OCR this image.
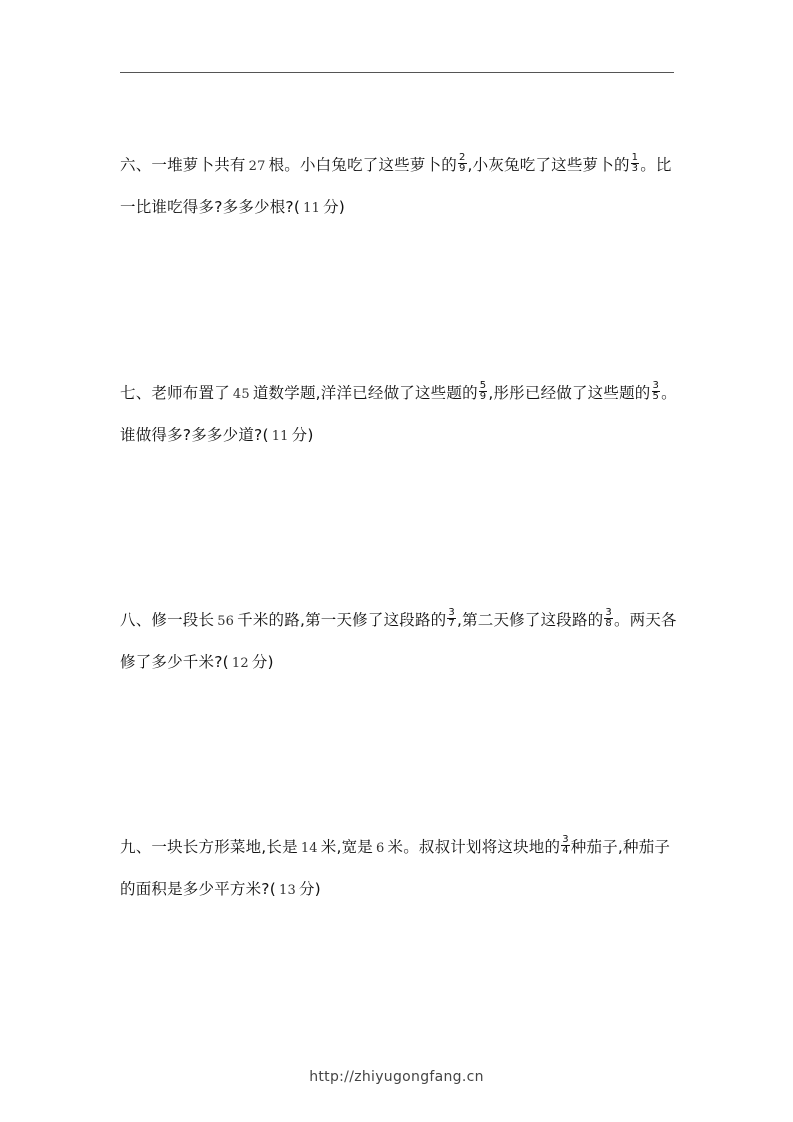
六、一堆萝卜共有 27 根。小白兔吃了这些萝卜的 $\frac{2}{9}$ ,小灰兔吃了这些萝卜的 $\frac{1}{3}$ 。比
一比谁吃得多?多多少根?( 11 分)
七、老师布置了 45 道数学题,洋洋已经做了这些题的 $\frac{5}{9}$ ,彤彤已经做了这些题的 $\frac{3}{5}$ 。
谁做得多?多多少道?( 11 分)
八、修一段长 56 千米的路,第一天修了这段路的 $\frac{3}{7}$ ,第二天修了这段路的 $\frac{3}{8}$ 。两天各
修了多少千米?( 12 分)
九、一块长方形菜地,长是 14 米,宽是 6 米。叔叔计划将这块地的 $\frac{3}{4}$ 种茄子,种茄子
的面积是多少平方米?( 13 分)
http://zhiyugongfang.cn
